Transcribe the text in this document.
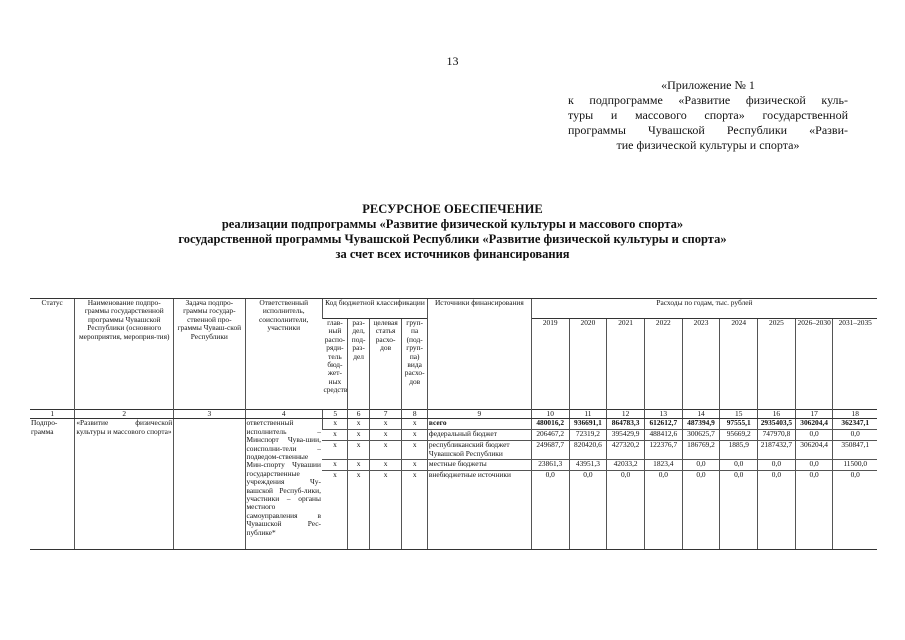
13
«Приложение № 1
к подпрограмме «Развитие физической куль-
туры и массового спорта» государственной
программы Чувашской Республики «Разви-
тие физической культуры и спорта»
РЕСУРСНОЕ ОБЕСПЕЧЕНИЕ
реализации подпрограммы «Развитие физической культуры и массового спорта»
государственной программы Чувашской Республики «Развитие физической культуры и спорта»
за счет всех источников финансирования
Статус	Наименование подпро-граммы государственной программы Чувашской Республики (основного мероприятия, мероприя-тия)	Задача подпро-граммы государ-ственной про-граммы Чуваш-ской Республики	Ответственный исполнитель, соисполнители, участники	Код бюджетной классификации				Источники финансирования	Расходы по годам, тыс. рублей								
				глав-ный распо-ряди-тель бюд-жет-ных средств	раз-дел, под-раз-дел	целевая статья расхо-дов	груп-па (под-груп-па) вида расхо-дов		2019	2020	2021	2022	2023	2024	2025	2026–2030	2031–2035
1	2	3	4	5	6	7	8	9	10	11	12	13	14	15	16	17	18
Подпро-грамма	«Развитие физической культуры и массового спорта»		ответственный исполнитель – Минспорт Чува-шии, соисполни-тели – подведом-ственные Мин-спорту Чувашии государственные учреждения Чу-вашской Респуб-лики, участники – органы местного самоуправления в Чувашской Рес-публике*	x	x	x	x	всего	480016,2	936691,1	864783,3	612612,7	487394,9	97555,1	2935403,5	306204,4	362347,1
				x	x	x	x	федеральный бюджет	206467,2	72319,2	395429,9	488412,6	300625,7	95669,2	747970,8	0,0	0,0
				x	x	x	x	республиканский бюджет Чувашской Республики	249687,7	820420,6	427320,2	122376,7	186769,2	1885,9	2187432,7	306204,4	350847,1
				x	x	x	x	местные бюджеты	23861,3	43951,3	42033,2	1823,4	0,0	0,0	0,0	0,0	11500,0
				x	x	x	x	внебюджетные источники	0,0	0,0	0,0	0,0	0,0	0,0	0,0	0,0	0,0
